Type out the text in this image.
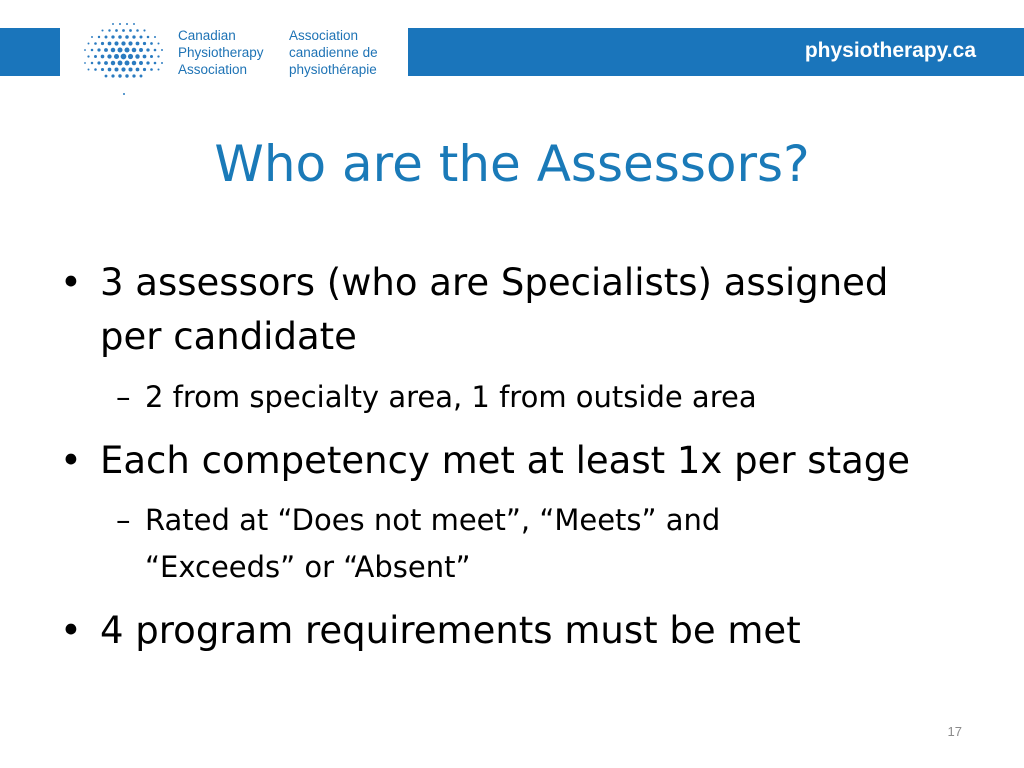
Canadian
Physiotherapy
Association
Association
canadienne de
physiothérapie
physiotherapy.ca
Who are the Assessors?
• 3 assessors (who are Specialists) assigned
per candidate
– 2 from specialty area, 1 from outside area
• Each competency met at least 1x per stage
– Rated at “Does not meet”, “Meets” and
“Exceeds” or “Absent”
• 4 program requirements must be met
17
